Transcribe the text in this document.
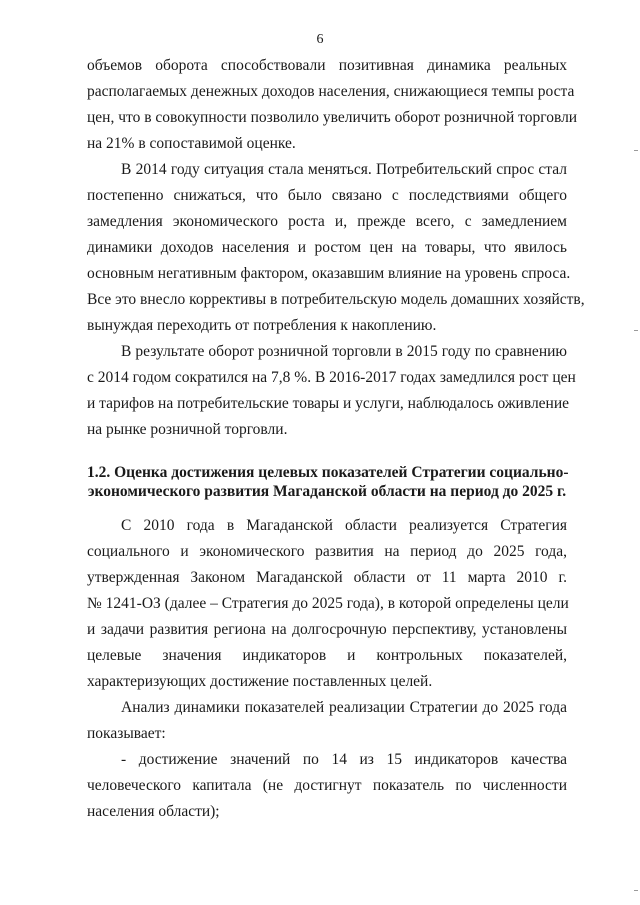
6
объемов оборота способствовали позитивная динамика реальных
располагаемых денежных доходов населения, снижающиеся темпы роста
цен, что в совокупности позволило увеличить оборот розничной торговли
на 21% в сопоставимой оценке.
В 2014 году ситуация стала меняться. Потребительский спрос стал
постепенно снижаться, что было связано с последствиями общего
замедления экономического роста и, прежде всего, с замедлением
динамики доходов населения и ростом цен на товары, что явилось
основным негативным фактором, оказавшим влияние на уровень спроса.
Все это внесло коррективы в потребительскую модель домашних хозяйств,
вынуждая переходить от потребления к накоплению.
В результате оборот розничной торговли в 2015 году по сравнению
с 2014 годом сократился на 7,8 %. В 2016-2017 годах замедлился рост цен
и тарифов на потребительские товары и услуги, наблюдалось оживление
на рынке розничной торговли.
1.2. Оценка достижения целевых показателей Стратегии социально-
экономического развития Магаданской области на период до 2025 г.
С 2010 года в Магаданской области реализуется Стратегия
социального и экономического развития на период до 2025 года,
утвержденная Законом Магаданской области от 11 марта 2010 г.
№ 1241-ОЗ (далее – Стратегия до 2025 года), в которой определены цели
и задачи развития региона на долгосрочную перспективу, установлены
целевые значения индикаторов и контрольных показателей,
характеризующих достижение поставленных целей.
Анализ динамики показателей реализации Стратегии до 2025 года
показывает:
- достижение значений по 14 из 15 индикаторов качества
человеческого капитала (не достигнут показатель по численности
населения области);
